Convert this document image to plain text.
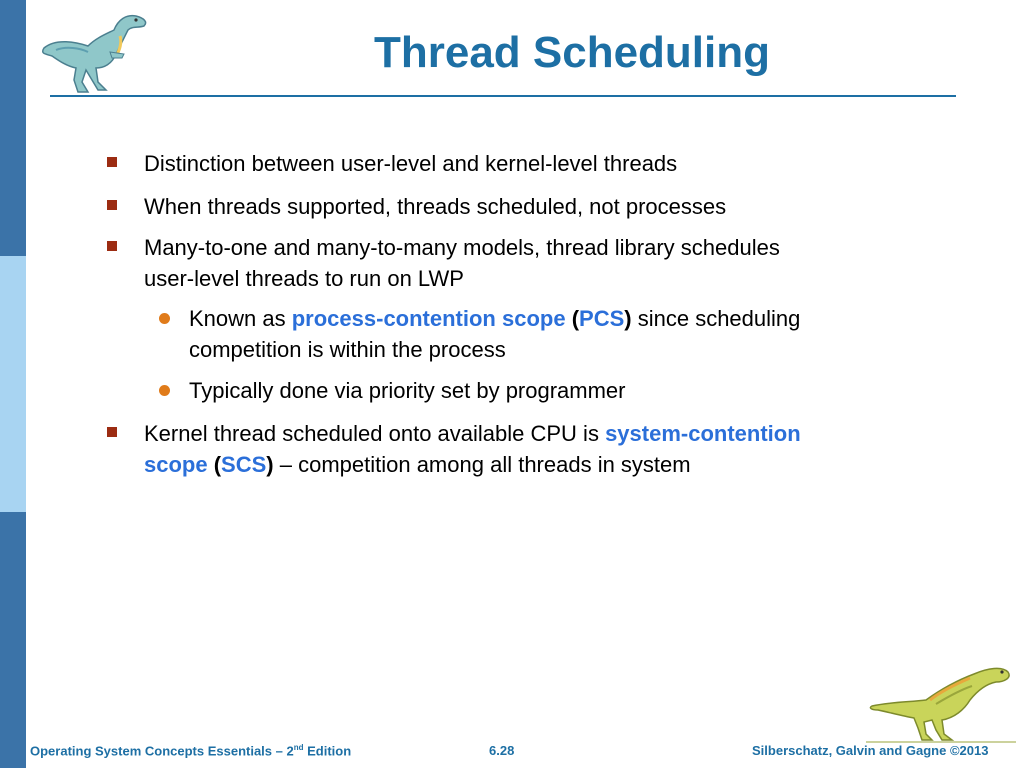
Thread Scheduling
Distinction between user-level and kernel-level threads
When threads supported, threads scheduled, not processes
Many-to-one and many-to-many models, thread library schedules
user-level threads to run on LWP
Known as process-contention scope (PCS) since scheduling
competition is within the process
Typically done via priority set by programmer
Kernel thread scheduled onto available CPU is system-contention
scope (SCS) – competition among all threads in system
Operating System Concepts Essentials – 2nd Edition	6.28	Silberschatz, Galvin and Gagne ©2013
